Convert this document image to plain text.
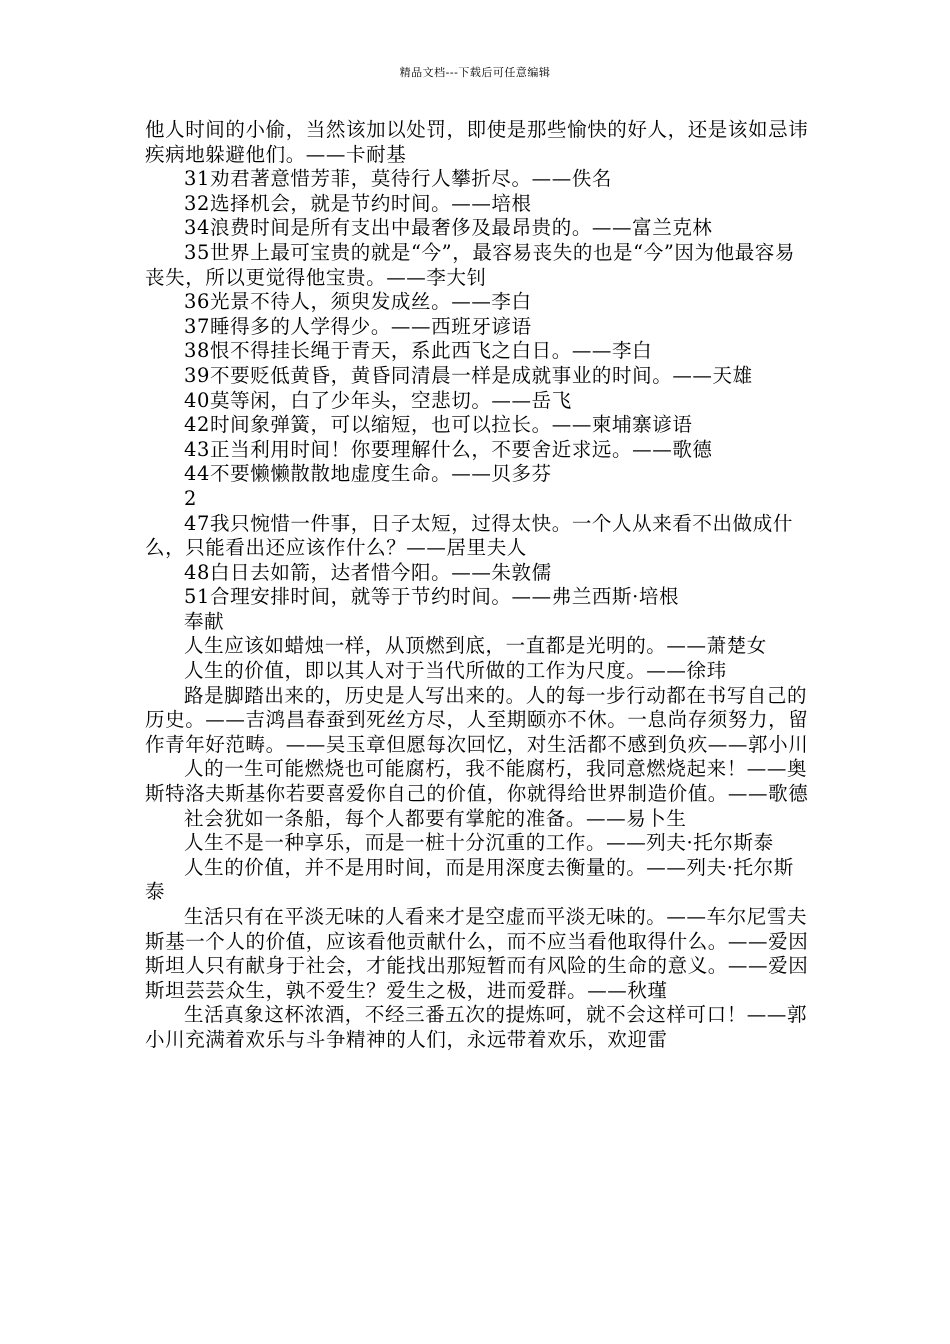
精品文档---下载后可任意编辑

他人时间的小偷，当然该加以处罚，即使是那些愉快的好人，还是该如忌讳疾病地躲避他们。——卡耐基

31劝君著意惜芳菲，莫待行人攀折尽。——佚名

32选择机会，就是节约时间。——培根

34浪费时间是所有支出中最奢侈及最昂贵的。——富兰克林

35世界上最可宝贵的就是“今”，最容易丧失的也是“今”因为他最容易丧失，所以更觉得他宝贵。——李大钊

36光景不待人，须臾发成丝。——李白

37睡得多的人学得少。——西班牙谚语

38恨不得挂长绳于青天，系此西飞之白日。——李白

39不要贬低黄昏，黄昏同清晨一样是成就事业的时间。——天雄

40莫等闲，白了少年头，空悲切。——岳飞

42时间象弹簧，可以缩短，也可以拉长。——柬埔寨谚语

43正当利用时间！你要理解什么，不要舍近求远。——歌德

44不要懒懒散散地虚度生命。——贝多芬

2

47我只惋惜一件事，日子太短，过得太快。一个人从来看不出做成什么，只能看出还应该作什么？——居里夫人

48白日去如箭，达者惜今阳。——朱敦儒

51合理安排时间，就等于节约时间。——弗兰西斯·培根

奉献

人生应该如蜡烛一样，从顶燃到底，一直都是光明的。——萧楚女

人生的价值，即以其人对于当代所做的工作为尺度。——徐玮

路是脚踏出来的，历史是人写出来的。人的每一步行动都在书写自己的历史。——吉鸿昌春蚕到死丝方尽，人至期颐亦不休。一息尚存须努力，留作青年好范畴。——吴玉章但愿每次回忆，对生活都不感到负疚——郭小川

人的一生可能燃烧也可能腐朽，我不能腐朽，我同意燃烧起来！——奥斯特洛夫斯基你若要喜爱你自己的价值，你就得给世界制造价值。——歌德

社会犹如一条船，每个人都要有掌舵的准备。——易卜生

人生不是一种享乐，而是一桩十分沉重的工作。——列夫·托尔斯泰

人生的价值，并不是用时间，而是用深度去衡量的。——列夫·托尔斯泰

生活只有在平淡无味的人看来才是空虚而平淡无味的。——车尔尼雪夫斯基一个人的价值，应该看他贡献什么，而不应当看他取得什么。——爱因斯坦人只有献身于社会，才能找出那短暂而有风险的生命的意义。——爱因斯坦芸芸众生，孰不爱生？爱生之极，进而爱群。——秋瑾

生活真象这杯浓酒，不经三番五次的提炼呵，就不会这样可口！——郭小川充满着欢乐与斗争精神的人们，永远带着欢乐，欢迎雷
